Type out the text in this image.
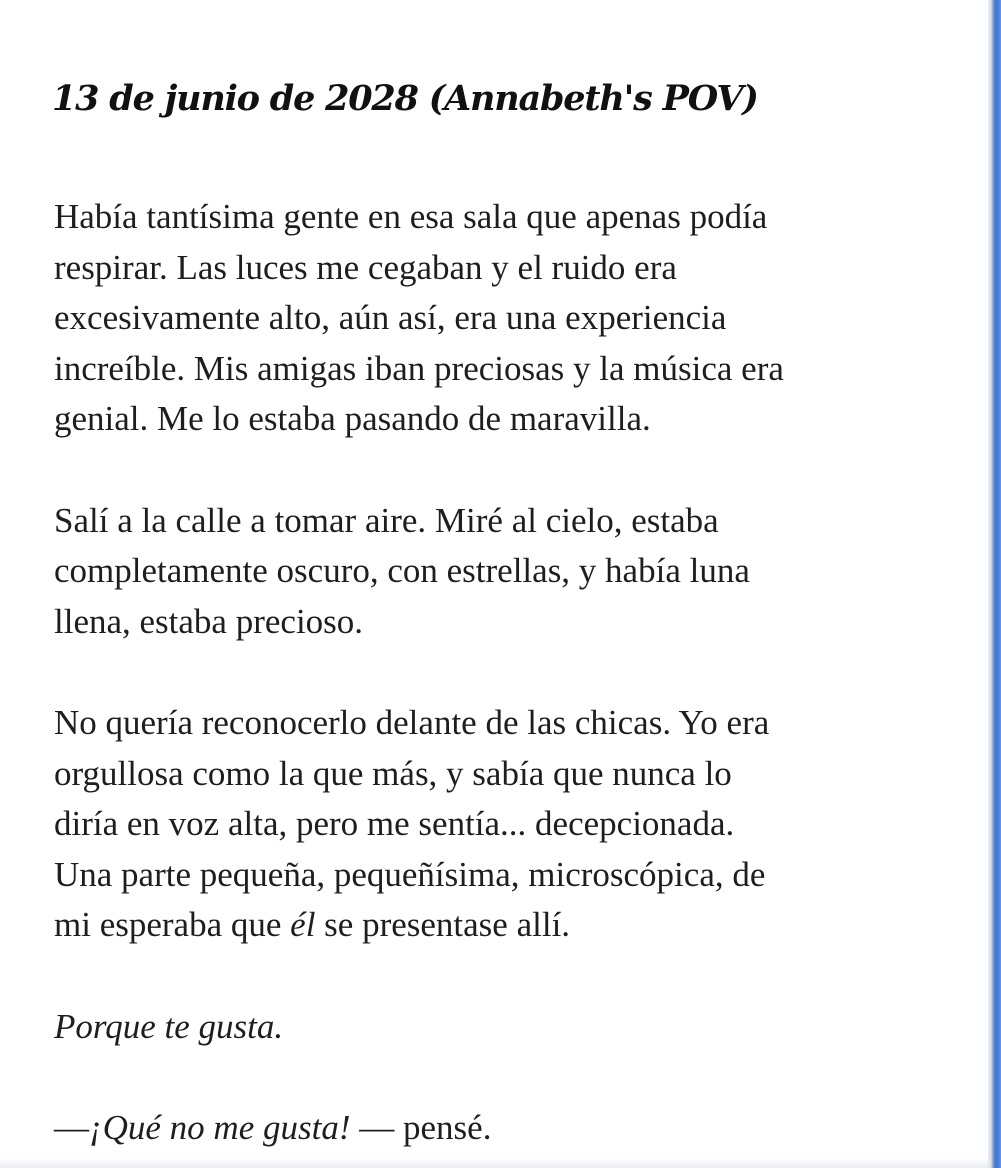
13 de junio de 2028 (Annabeth's POV)
Había tantísima gente en esa sala que apenas podía
respirar. Las luces me cegaban y el ruido era
excesivamente alto, aún así, era una experiencia
increíble. Mis amigas iban preciosas y la música era
genial. Me lo estaba pasando de maravilla.
Salí a la calle a tomar aire. Miré al cielo, estaba
completamente oscuro, con estrellas, y había luna
llena, estaba precioso.
No quería reconocerlo delante de las chicas. Yo era
orgullosa como la que más, y sabía que nunca lo
diría en voz alta, pero me sentía... decepcionada.
Una parte pequeña, pequeñísima, microscópica, de
mi esperaba que él se presentase allí.
Porque te gusta.
—¡Qué no me gusta! — pensé.
